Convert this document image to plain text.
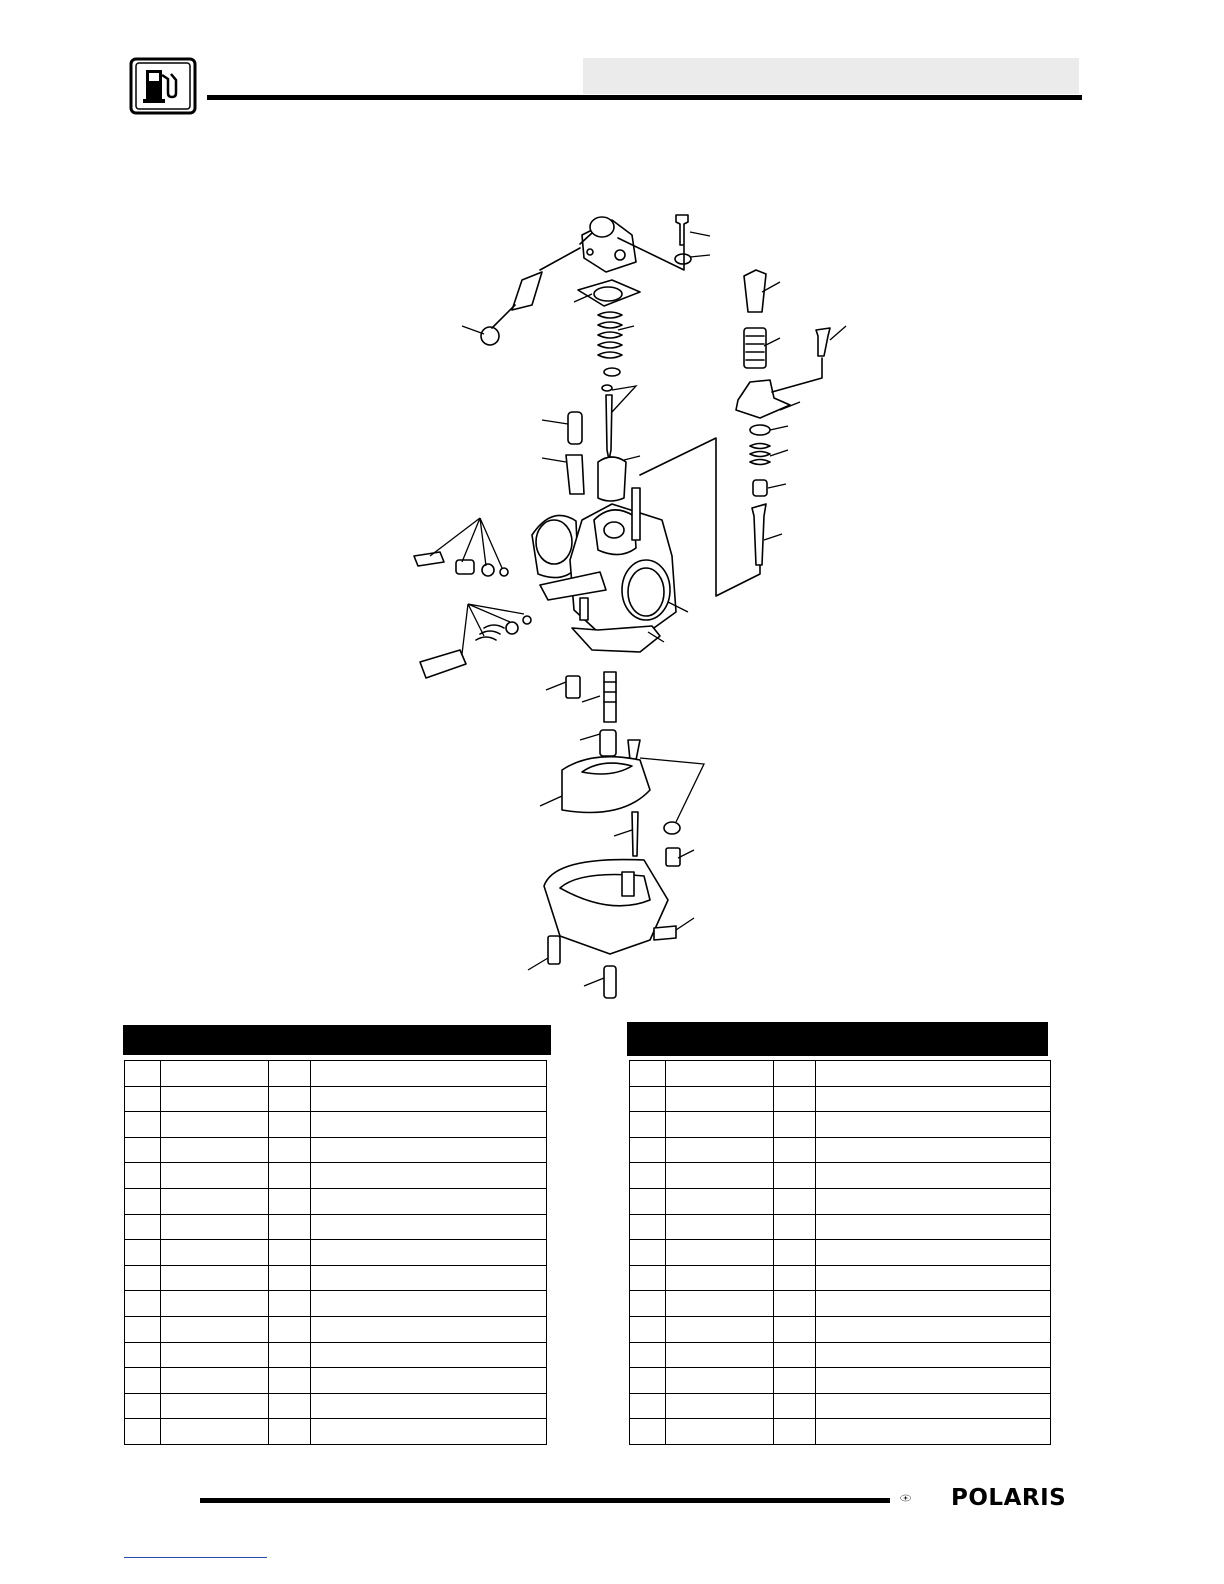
POLARIS
